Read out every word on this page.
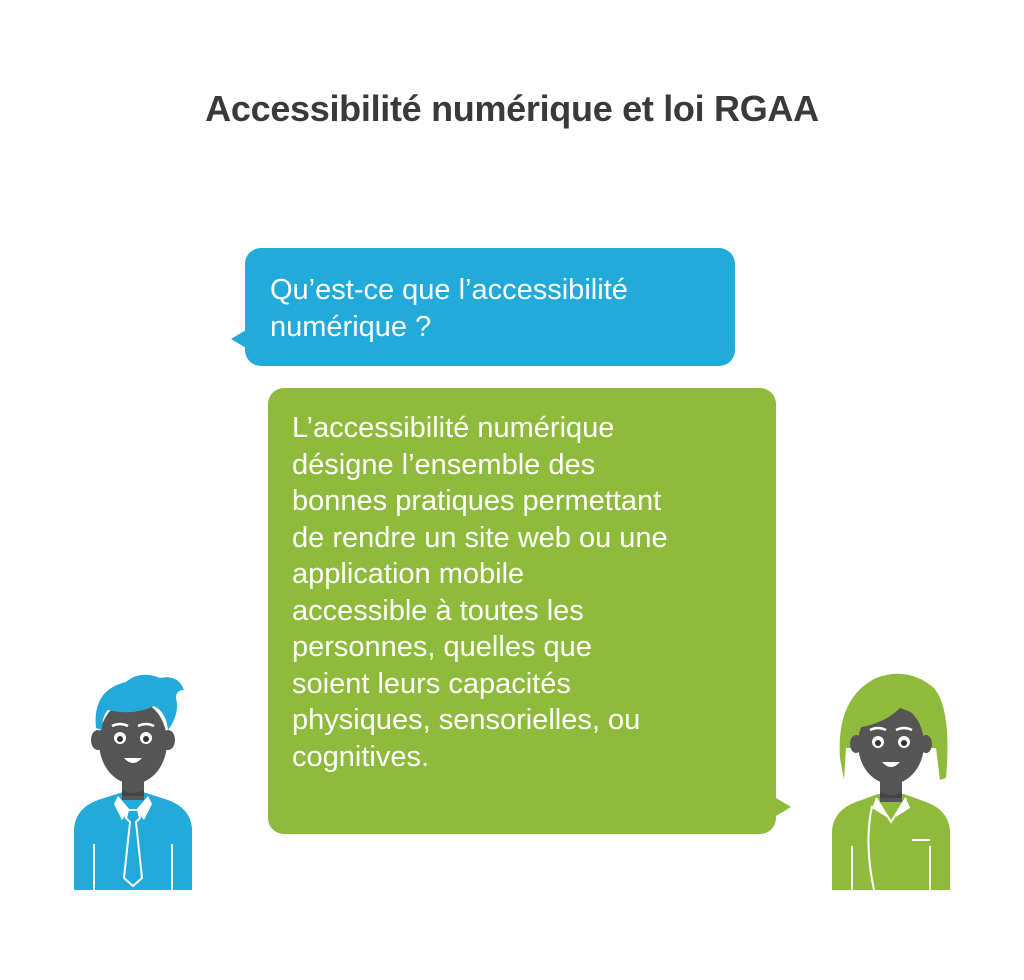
Accessibilité numérique et loi RGAA
Qu’est-ce que l’accessibilité
numérique ?
L’accessibilité numérique
désigne l’ensemble des
bonnes pratiques permettant
de rendre un site web ou une
application mobile
accessible à toutes les
personnes, quelles que
soient leurs capacités
physiques, sensorielles, ou
cognitives.
